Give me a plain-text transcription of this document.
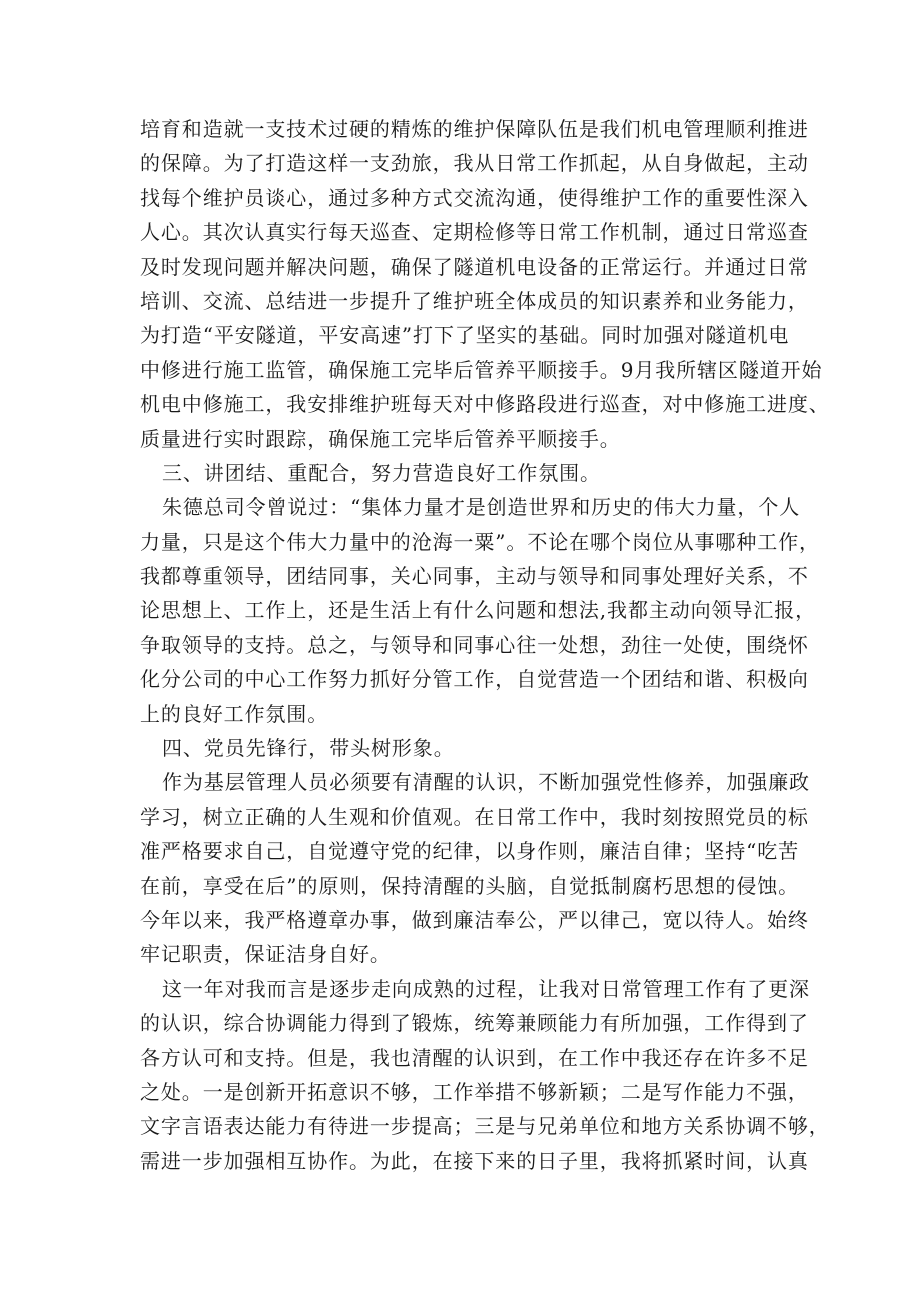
培育和造就一支技术过硬的精炼的维护保障队伍是我们机电管理顺利推进
的保障。为了打造这样一支劲旅，我从日常工作抓起，从自身做起，主动
找每个维护员谈心，通过多种方式交流沟通，使得维护工作的重要性深入
人心。其次认真实行每天巡查、定期检修等日常工作机制，通过日常巡查
及时发现问题并解决问题，确保了隧道机电设备的正常运行。并通过日常
培训、交流、总结进一步提升了维护班全体成员的知识素养和业务能力，
为打造“平安隧道，平安高速”打下了坚实的基础。同时加强对隧道机电
中修进行施工监管，确保施工完毕后管养平顺接手。9月我所辖区隧道开始
机电中修施工，我安排维护班每天对中修路段进行巡查，对中修施工进度、
质量进行实时跟踪，确保施工完毕后管养平顺接手。
三、讲团结、重配合，努力营造良好工作氛围。
朱德总司令曾说过：“集体力量才是创造世界和历史的伟大力量，个人
力量，只是这个伟大力量中的沧海一粟”。不论在哪个岗位从事哪种工作，
我都尊重领导，团结同事，关心同事，主动与领导和同事处理好关系，不
论思想上、工作上，还是生活上有什么问题和想法,我都主动向领导汇报，
争取领导的支持。总之，与领导和同事心往一处想，劲往一处使，围绕怀
化分公司的中心工作努力抓好分管工作，自觉营造一个团结和谐、积极向
上的良好工作氛围。
四、党员先锋行，带头树形象。
作为基层管理人员必须要有清醒的认识，不断加强党性修养，加强廉政
学习，树立正确的人生观和价值观。在日常工作中，我时刻按照党员的标
准严格要求自己，自觉遵守党的纪律，以身作则，廉洁自律；坚持“吃苦
在前，享受在后”的原则，保持清醒的头脑，自觉抵制腐朽思想的侵蚀。
今年以来，我严格遵章办事，做到廉洁奉公，严以律己，宽以待人。始终
牢记职责，保证洁身自好。
这一年对我而言是逐步走向成熟的过程，让我对日常管理工作有了更深
的认识，综合协调能力得到了锻炼，统筹兼顾能力有所加强，工作得到了
各方认可和支持。但是，我也清醒的认识到，在工作中我还存在许多不足
之处。一是创新开拓意识不够，工作举措不够新颖；二是写作能力不强，
文字言语表达能力有待进一步提高；三是与兄弟单位和地方关系协调不够，
需进一步加强相互协作。为此，在接下来的日子里，我将抓紧时间，认真
